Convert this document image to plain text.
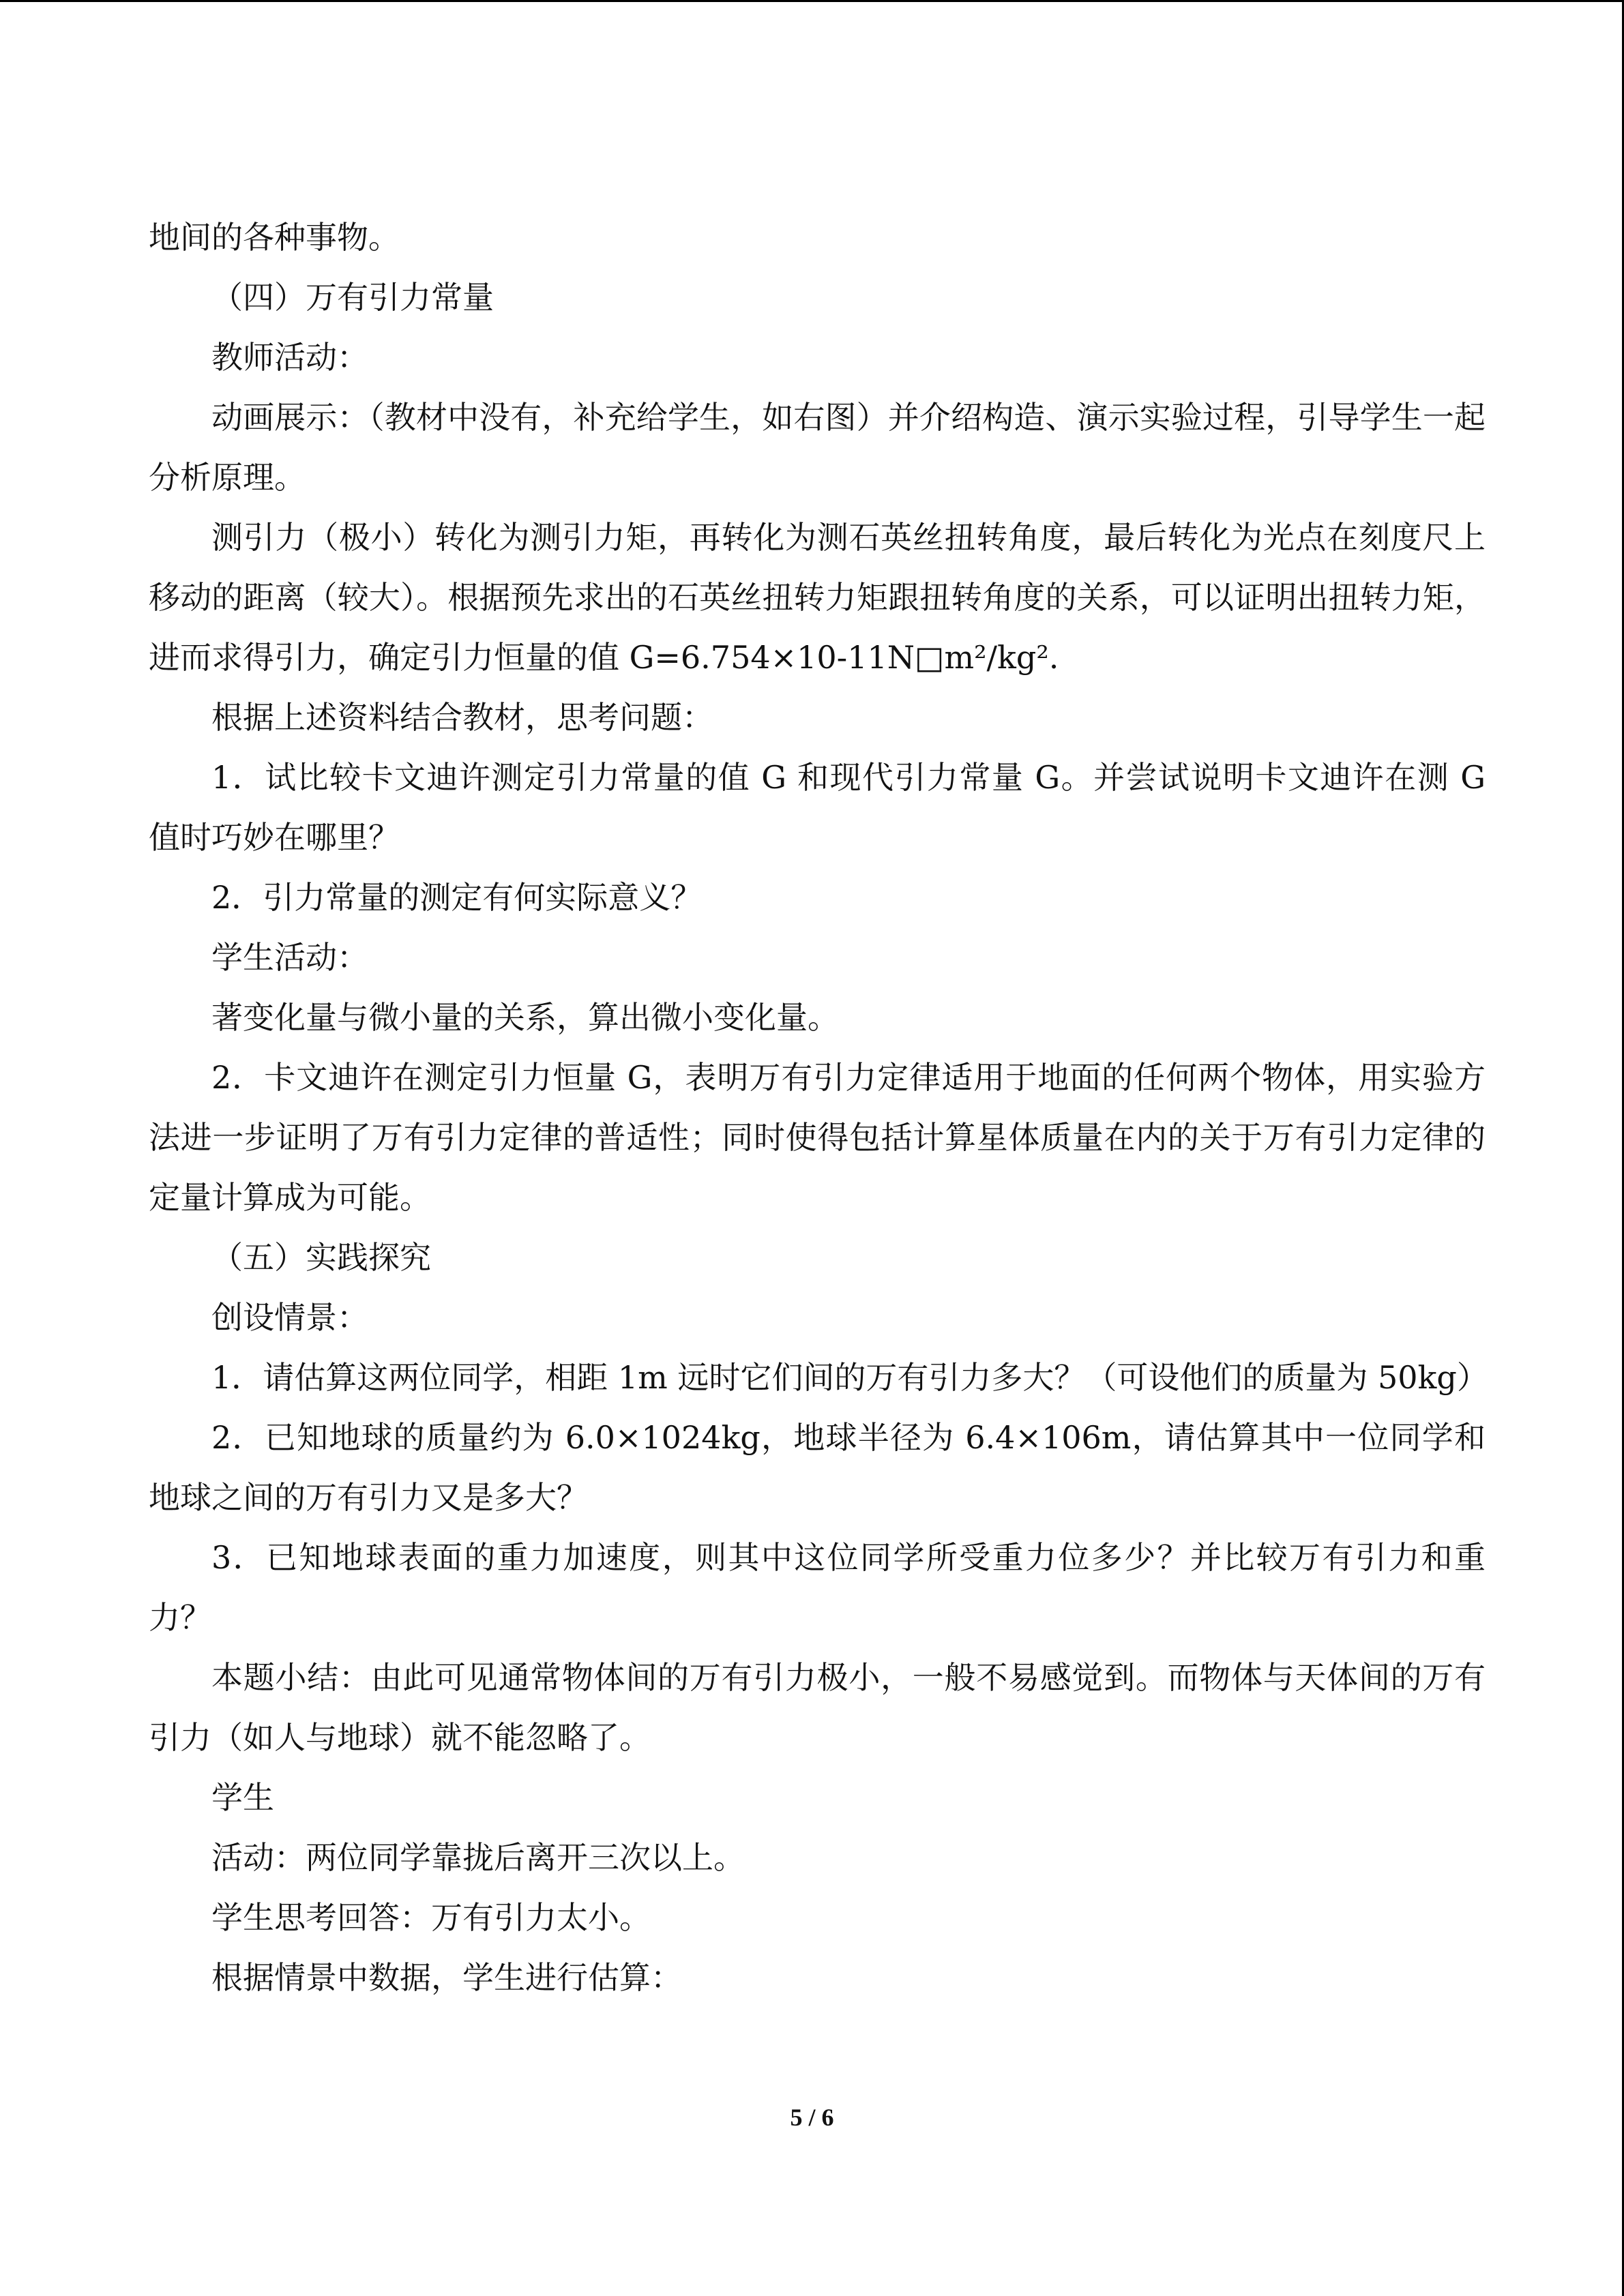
地间的各种事物。

（四）万有引力常量

教师活动：

动画展示：（教材中没有，补充给学生，如右图）并介绍构造、演示实验过程，引导学生一起分析原理。

测引力（极小）转化为测引力矩，再转化为测石英丝扭转角度，最后转化为光点在刻度尺上移动的距离（较大）。根据预先求出的石英丝扭转力矩跟扭转角度的关系，可以证明出扭转力矩，进而求得引力，确定引力恒量的值 G=6.754×10-11N□m²/kg².

根据上述资料结合教材，思考问题：

1．试比较卡文迪许测定引力常量的值 G 和现代引力常量 G。并尝试说明卡文迪许在测 G 值时巧妙在哪里？

2．引力常量的测定有何实际意义？

学生活动：

著变化量与微小量的关系，算出微小变化量。

2．卡文迪许在测定引力恒量 G，表明万有引力定律适用于地面的任何两个物体，用实验方法进一步证明了万有引力定律的普适性；同时使得包括计算星体质量在内的关于万有引力定律的定量计算成为可能。

（五）实践探究

创设情景：

1．请估算这两位同学，相距 1m 远时它们间的万有引力多大？（可设他们的质量为 50kg）

2．已知地球的质量约为 6.0×1024kg，地球半径为 6.4×106m，请估算其中一位同学和地球之间的万有引力又是多大？

3．已知地球表面的重力加速度，则其中这位同学所受重力位多少？并比较万有引力和重力？

本题小结：由此可见通常物体间的万有引力极小，一般不易感觉到。而物体与天体间的万有引力（如人与地球）就不能忽略了。

学生

活动：两位同学靠拢后离开三次以上。

学生思考回答：万有引力太小。

根据情景中数据，学生进行估算：

5 / 6
